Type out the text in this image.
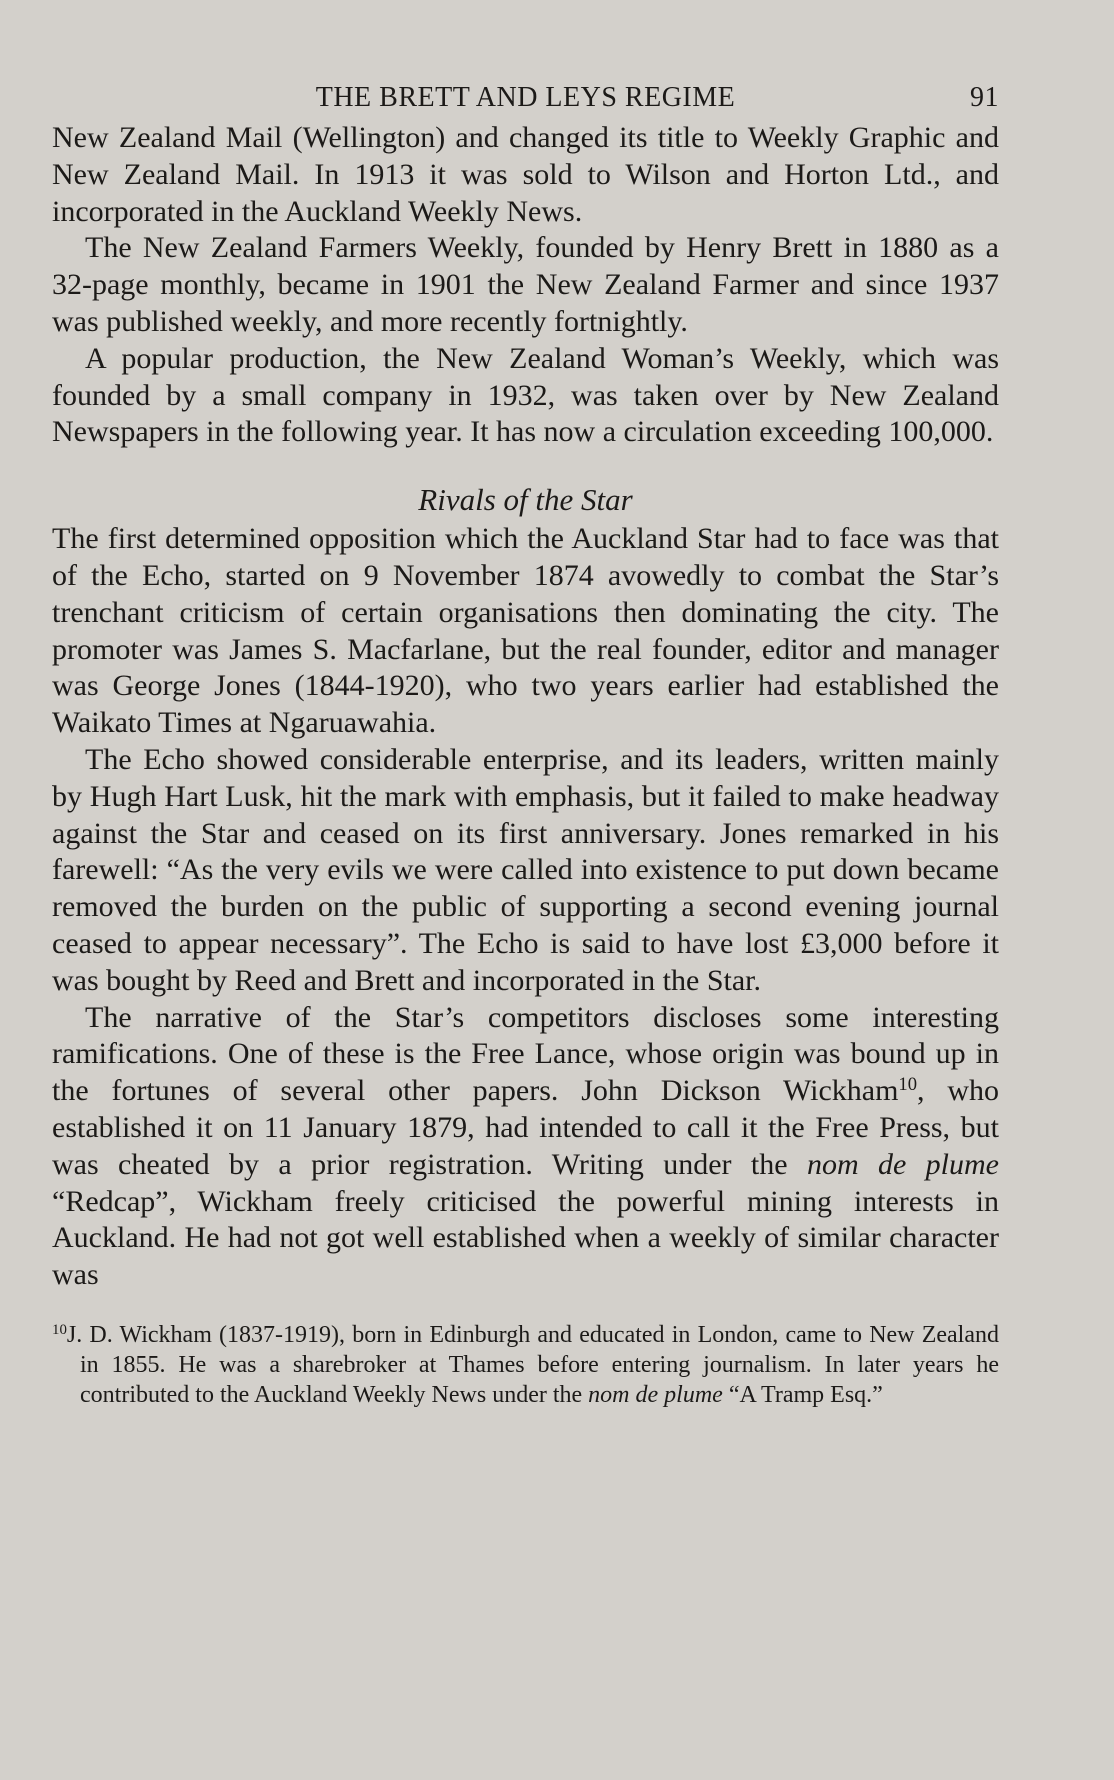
THE BRETT AND LEYS REGIME	91

New Zealand Mail (Wellington) and changed its title to Weekly Graphic and New Zealand Mail. In 1913 it was sold to Wilson and Horton Ltd., and incorporated in the Auckland Weekly News.

The New Zealand Farmers Weekly, founded by Henry Brett in 1880 as a 32-page monthly, became in 1901 the New Zealand Farmer and since 1937 was published weekly, and more recently fortnightly.

A popular production, the New Zealand Woman’s Weekly, which was founded by a small company in 1932, was taken over by New Zealand Newspapers in the following year. It has now a circulation exceeding 100,000.

Rivals of the Star

The first determined opposition which the Auckland Star had to face was that of the Echo, started on 9 November 1874 avowedly to combat the Star’s trenchant criticism of certain organisations then dominating the city. The promoter was James S. Macfarlane, but the real founder, editor and manager was George Jones (1844-1920), who two years earlier had established the Waikato Times at Ngaruawahia.

The Echo showed considerable enterprise, and its leaders, written mainly by Hugh Hart Lusk, hit the mark with emphasis, but it failed to make headway against the Star and ceased on its first anniversary. Jones remarked in his farewell: “As the very evils we were called into existence to put down became removed the burden on the public of supporting a second evening journal ceased to appear necessary”. The Echo is said to have lost £3,000 before it was bought by Reed and Brett and incorporated in the Star.

The narrative of the Star’s competitors discloses some interesting ramifications. One of these is the Free Lance, whose origin was bound up in the fortunes of several other papers. John Dickson Wickham$^{10}$, who established it on 11 January 1879, had intended to call it the Free Press, but was cheated by a prior registration. Writing under the nom de plume “Redcap”, Wickham freely criticised the powerful mining interests in Auckland. He had not got well established when a weekly of similar character was

$^{10}$J. D. Wickham (1837-1919), born in Edinburgh and educated in London, came to New Zealand in 1855. He was a sharebroker at Thames before entering journalism. In later years he contributed to the Auckland Weekly News under the nom de plume “A Tramp Esq.”
